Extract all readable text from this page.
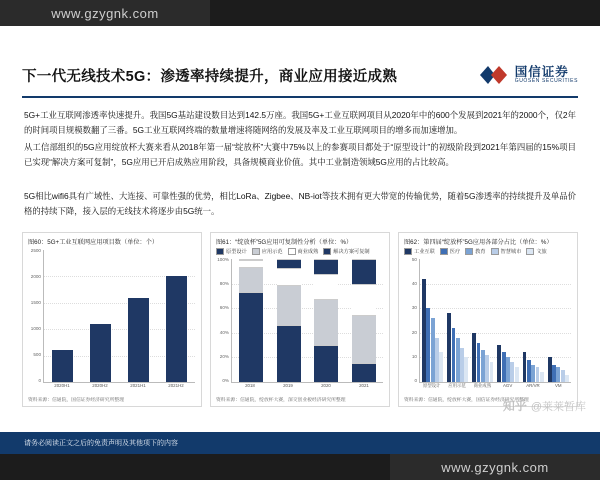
www.gzygnk.com
下一代无线技术5G：渗透率持续提升，商业应用接近成熟	国信证券
GUOSEN SECURITIES
5G+工业互联网渗透率快速提升。我国5G基站建设数目达到142.5万座。我国5G+工业互联网项目从2020年中的600个发展到2021年的2000个，仅2年的时间项目规模数翻了三番。5G工业互联网终端的数量增速将随网络的发展及率及工业互联网项目的增多而加速增加。
从工信部组织的5G应用绽放杯大赛来看从2018年第一届“绽放杯”大赛中75%以上的参赛项目都处于“原型设计”的初级阶段到2021年第四届的15%项目已实现“解决方案可复制”，5G应用已开启成熟应用阶段，具备规模商业价值。其中工业制造领域5G应用的占比较高。
5G相比wifi6具有广域性、大连接、可靠性强的优势，相比LoRa、Zigbee、NB-iot等技术拥有更大带宽的传输优势，随着5G渗透率的持续提升及单品价格的持续下降，接入层的无线技术将逐步由5G统一。
图60：5G+工业互联网应用项目数（单位：个）
2500
2000
1500
1000
500
0
2020H1	2020H2	2021H1	2021H2
资料来源：信通院，国信证券经济研究所整理
图61：“绽放杯”5G应用可复制性分析（单位：%）
原型设计	应用示范	商业成熟	解决方案可复制
100%
80%
60%
40%
20%
0%
2018	2019	2020	2021
资料来源：信通院，绽放杯大赛，深交创业板经济研究所整理
图62：第四届“绽放杯”5G应用各部分占比（单位：%）
工业互联	医疗	教育	智慧城市	文旅
50
40
30
20
10
0
原型设计	应用示范	商业成熟	AGV	AR/VR	VM
资料来源：信通院，绽放杯大赛，国信证券经济研究所整理
知乎 @莱莱暂库
请务必阅读正文之后的免责声明及其他项下的内容
www.gzygnk.com
